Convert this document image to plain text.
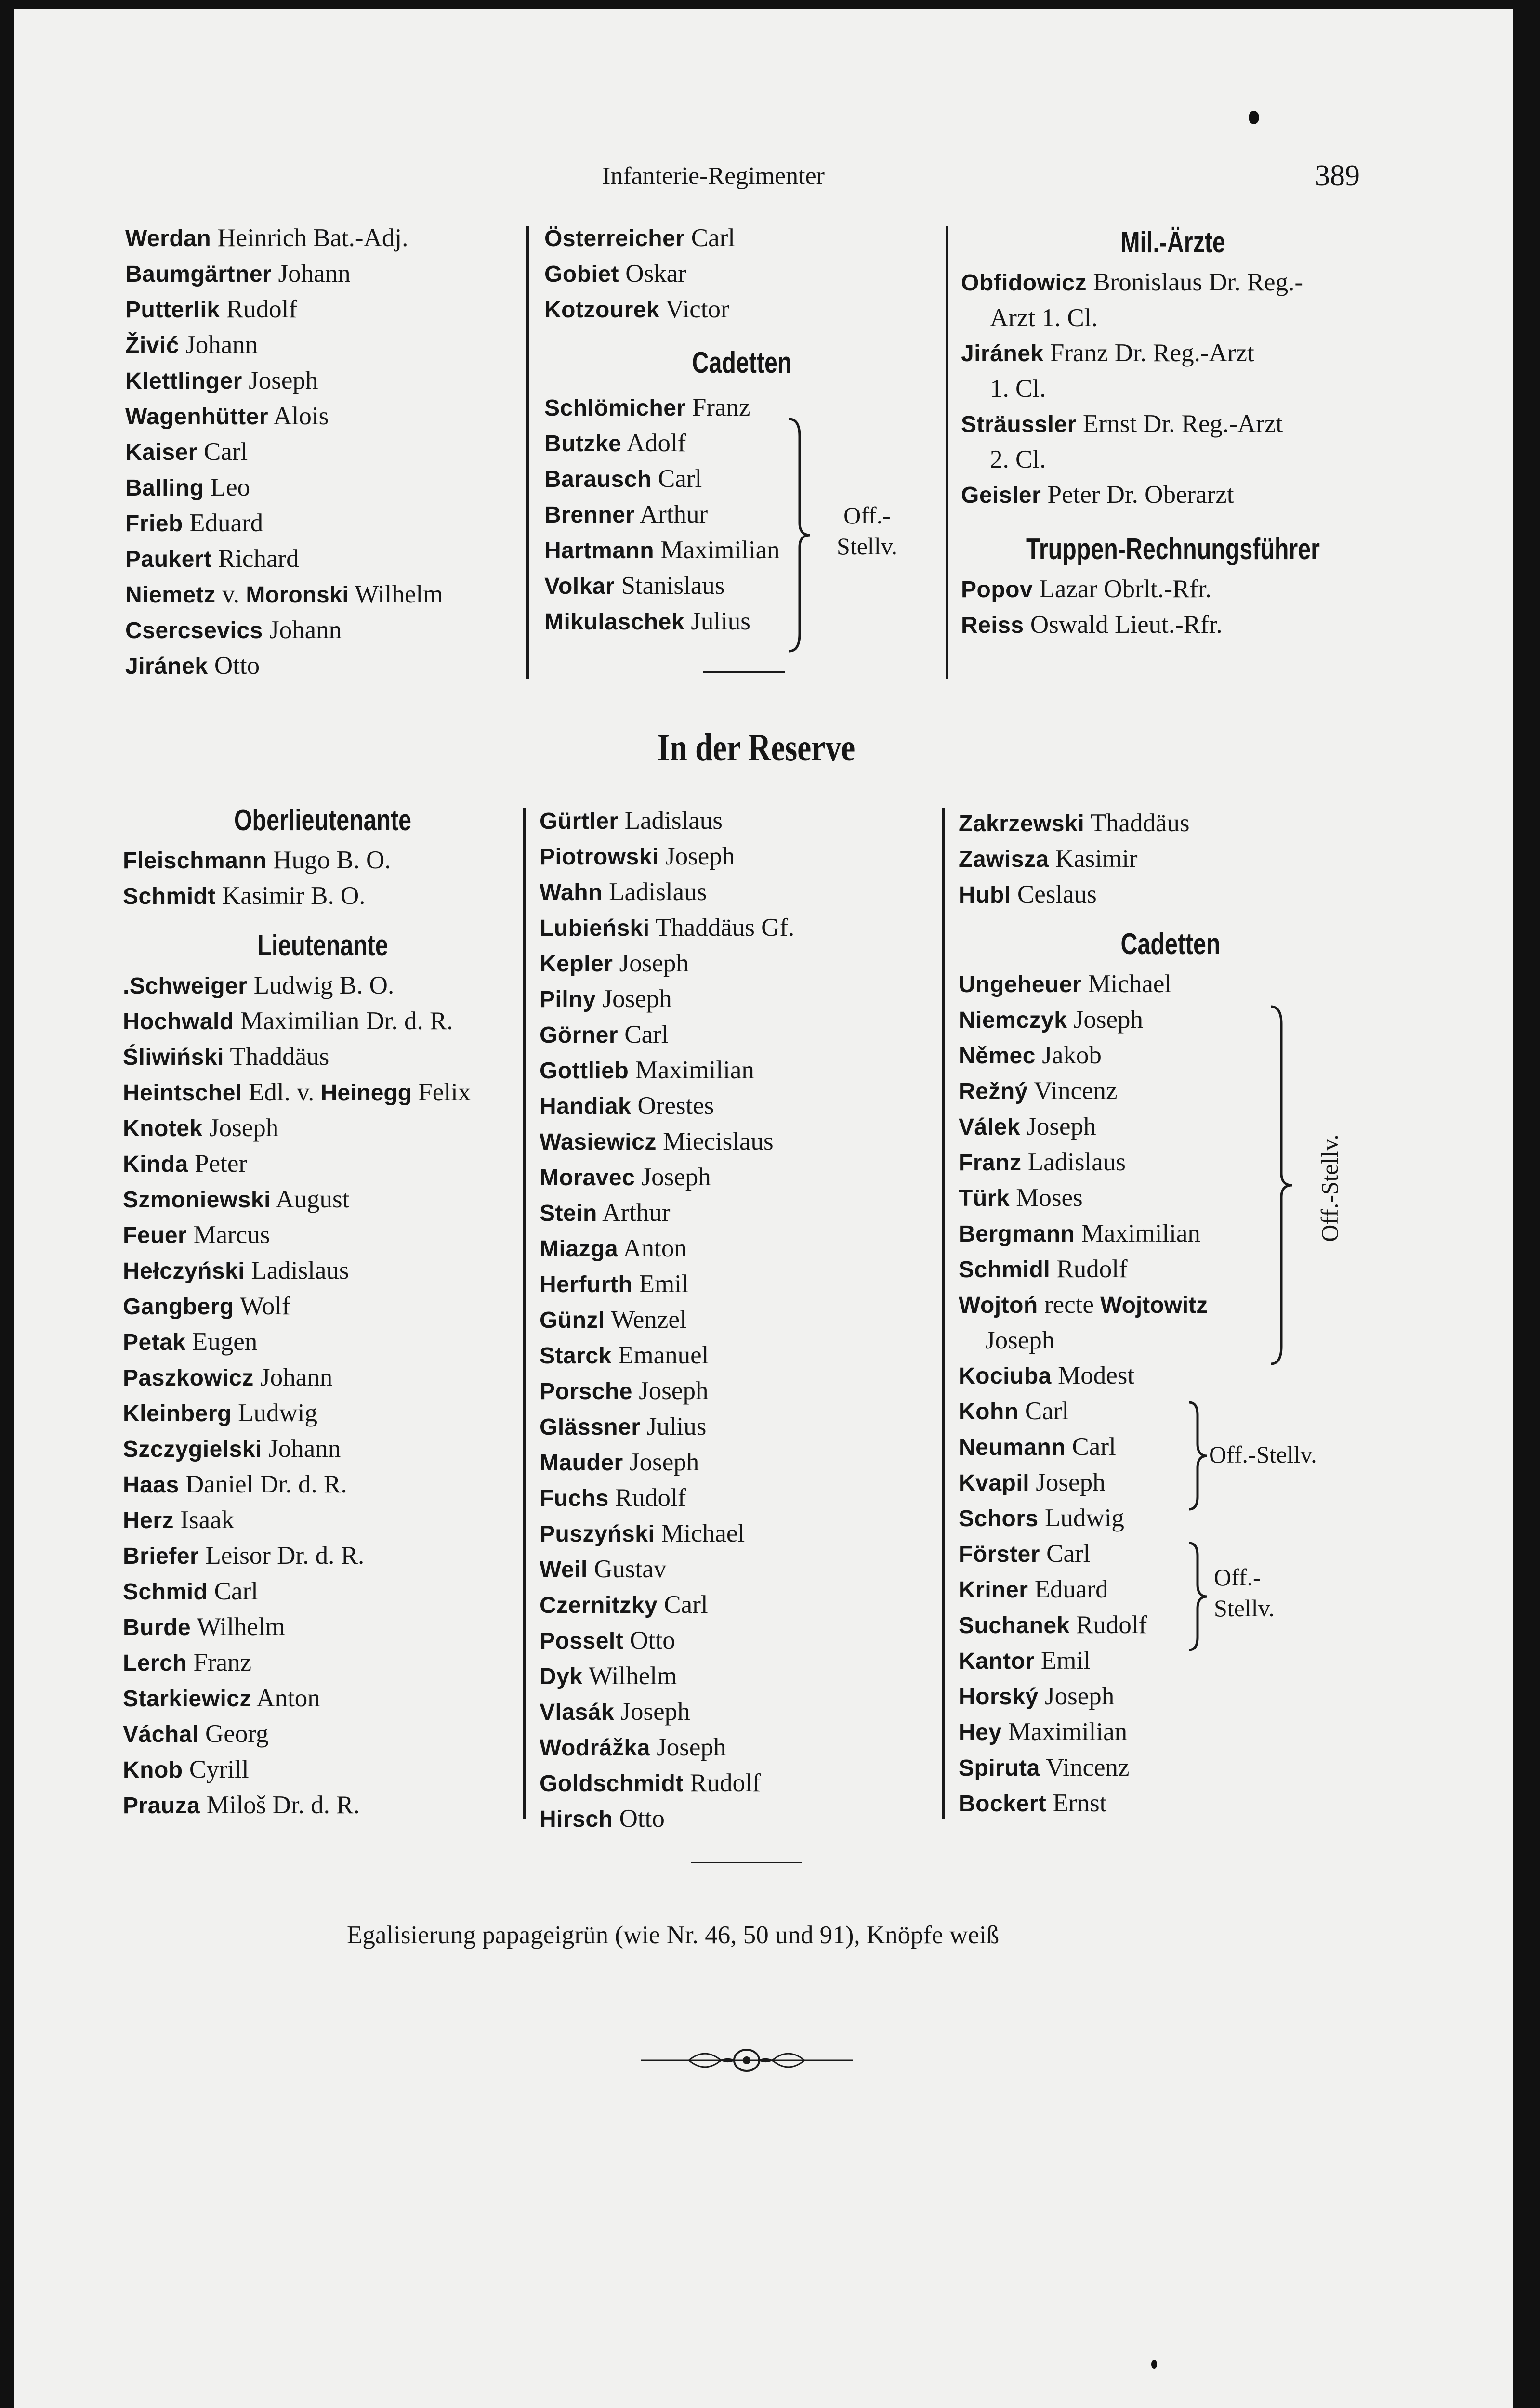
Infanterie-Regimenter	389
Werdan Heinrich Bat.-Adj.
Baumgärtner Johann
Putterlik Rudolf
Živić Johann
Klettlinger Joseph
Wagenhütter Alois
Kaiser Carl
Balling Leo
Frieb Eduard
Paukert Richard
Niemetz v. Moronski Wilhelm
Csercsevics Johann
Jiránek Otto
Österreicher Carl
Gobiet Oskar
Kotzourek Victor
Cadetten
Schlömicher Franz
Butzke Adolf
Barausch Carl
Brenner Arthur
Hartmann Maximilian
Volkar Stanislaus
Mikulaschek Julius
Off.-
Stellv.
Mil.-Ärzte
Obfidowicz Bronislaus Dr. Reg.-
Arzt 1. Cl.
Jiránek Franz Dr. Reg.-Arzt
1. Cl.
Sträussler Ernst Dr. Reg.-Arzt
2. Cl.
Geisler Peter Dr. Oberarzt
Truppen-Rechnungsführer
Popov Lazar Obrlt.-Rfr.
Reiss Oswald Lieut.-Rfr.
In der Reserve
Oberlieutenante
Fleischmann Hugo B. O.
Schmidt Kasimir B. O.
Lieutenante
.Schweiger Ludwig B. O.
Hochwald Maximilian Dr. d. R.
Śliwiński Thaddäus
Heintschel Edl. v. Heinegg Felix
Knotek Joseph
Kinda Peter
Szmoniewski August
Feuer Marcus
Hełczyński Ladislaus
Gangberg Wolf
Petak Eugen
Paszkowicz Johann
Kleinberg Ludwig
Szczygielski Johann
Haas Daniel Dr. d. R.
Herz Isaak
Briefer Leisor Dr. d. R.
Schmid Carl
Burde Wilhelm
Lerch Franz
Starkiewicz Anton
Váchal Georg
Knob Cyrill
Prauza Miloš Dr. d. R.
Gürtler Ladislaus
Piotrowski Joseph
Wahn Ladislaus
Lubieński Thaddäus Gf.
Kepler Joseph
Pilny Joseph
Görner Carl
Gottlieb Maximilian
Handiak Orestes
Wasiewicz Miecislaus
Moravec Joseph
Stein Arthur
Miazga Anton
Herfurth Emil
Günzl Wenzel
Starck Emanuel
Porsche Joseph
Glässner Julius
Mauder Joseph
Fuchs Rudolf
Puszyński Michael
Weil Gustav
Czernitzky Carl
Posselt Otto
Dyk Wilhelm
Vlasák Joseph
Wodrážka Joseph
Goldschmidt Rudolf
Hirsch Otto
Zakrzewski Thaddäus
Zawisza Kasimir
Hubl Ceslaus
Cadetten
Ungeheuer Michael
Niemczyk Joseph
Němec Jakob
Režný Vincenz
Válek Joseph
Franz Ladislaus
Türk Moses
Bergmann Maximilian
Schmidl Rudolf
Wojtoń recte Wojtowitz
Joseph
Kociuba Modest
Kohn Carl
Neumann Carl
Kvapil Joseph
Schors Ludwig
Förster Carl
Kriner Eduard
Suchanek Rudolf
Kantor Emil
Horský Joseph
Hey Maximilian
Spiruta Vincenz
Bockert Ernst
Off.-Stellv.
Off.-Stellv.
Off.-
Stellv.
Egalisierung papageigrün (wie Nr. 46, 50 und 91), Knöpfe weiß
